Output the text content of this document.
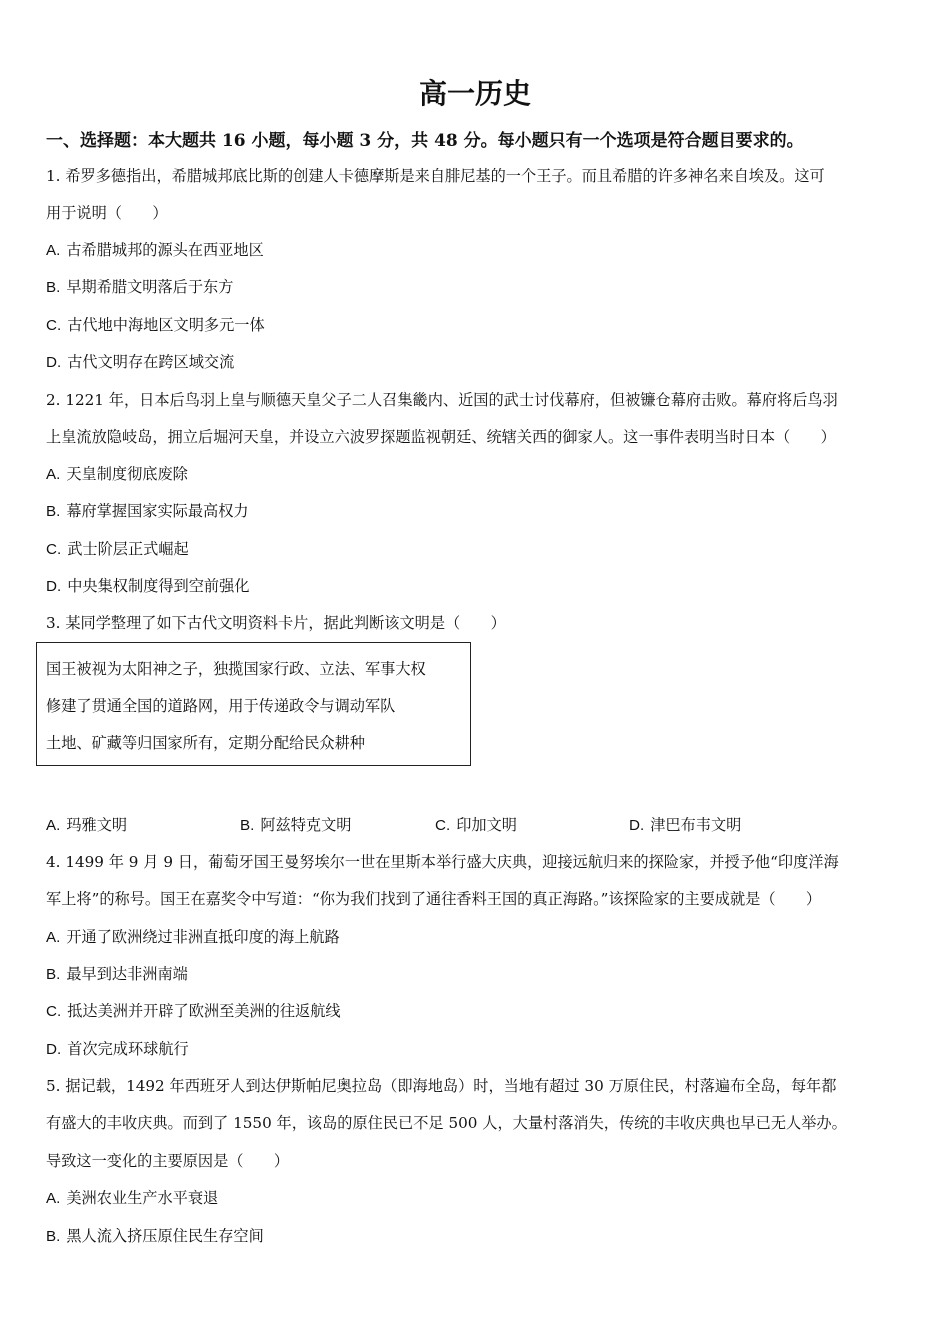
高一历史
一、选择题：本大题共 16 小题，每小题 3 分，共 48 分。每小题只有一个选项是符合题目要求的。
1. 希罗多德指出，希腊城邦底比斯的创建人卡德摩斯是来自腓尼基的一个王子。而且希腊的许多神名来自埃及。这可
用于说明（　　）
A. 古希腊城邦的源头在西亚地区
B. 早期希腊文明落后于东方
C. 古代地中海地区文明多元一体
D. 古代文明存在跨区域交流
2. 1221 年，日本后鸟羽上皇与顺德天皇父子二人召集畿内、近国的武士讨伐幕府，但被镰仓幕府击败。幕府将后鸟羽
上皇流放隐岐岛，拥立后堀河天皇，并设立六波罗探题监视朝廷、统辖关西的御家人。这一事件表明当时日本（　　）
A. 天皇制度彻底废除
B. 幕府掌握国家实际最高权力
C. 武士阶层正式崛起
D. 中央集权制度得到空前强化
3. 某同学整理了如下古代文明资料卡片，据此判断该文明是（　　）
国王被视为太阳神之子，独揽国家行政、立法、军事大权
修建了贯通全国的道路网，用于传递政令与调动军队
土地、矿藏等归国家所有，定期分配给民众耕种
A. 玛雅文明	B. 阿兹特克文明	C. 印加文明	D. 津巴布韦文明
4. 1499 年 9 月 9 日，葡萄牙国王曼努埃尔一世在里斯本举行盛大庆典，迎接远航归来的探险家，并授予他“印度洋海
军上将”的称号。国王在嘉奖令中写道：“你为我们找到了通往香料王国的真正海路。”该探险家的主要成就是（　　）
A. 开通了欧洲绕过非洲直抵印度的海上航路
B. 最早到达非洲南端
C. 抵达美洲并开辟了欧洲至美洲的往返航线
D. 首次完成环球航行
5. 据记载，1492 年西班牙人到达伊斯帕尼奥拉岛（即海地岛）时，当地有超过 30 万原住民，村落遍布全岛，每年都
有盛大的丰收庆典。而到了 1550 年，该岛的原住民已不足 500 人，大量村落消失，传统的丰收庆典也早已无人举办。
导致这一变化的主要原因是（　　）
A. 美洲农业生产水平衰退
B. 黑人流入挤压原住民生存空间
